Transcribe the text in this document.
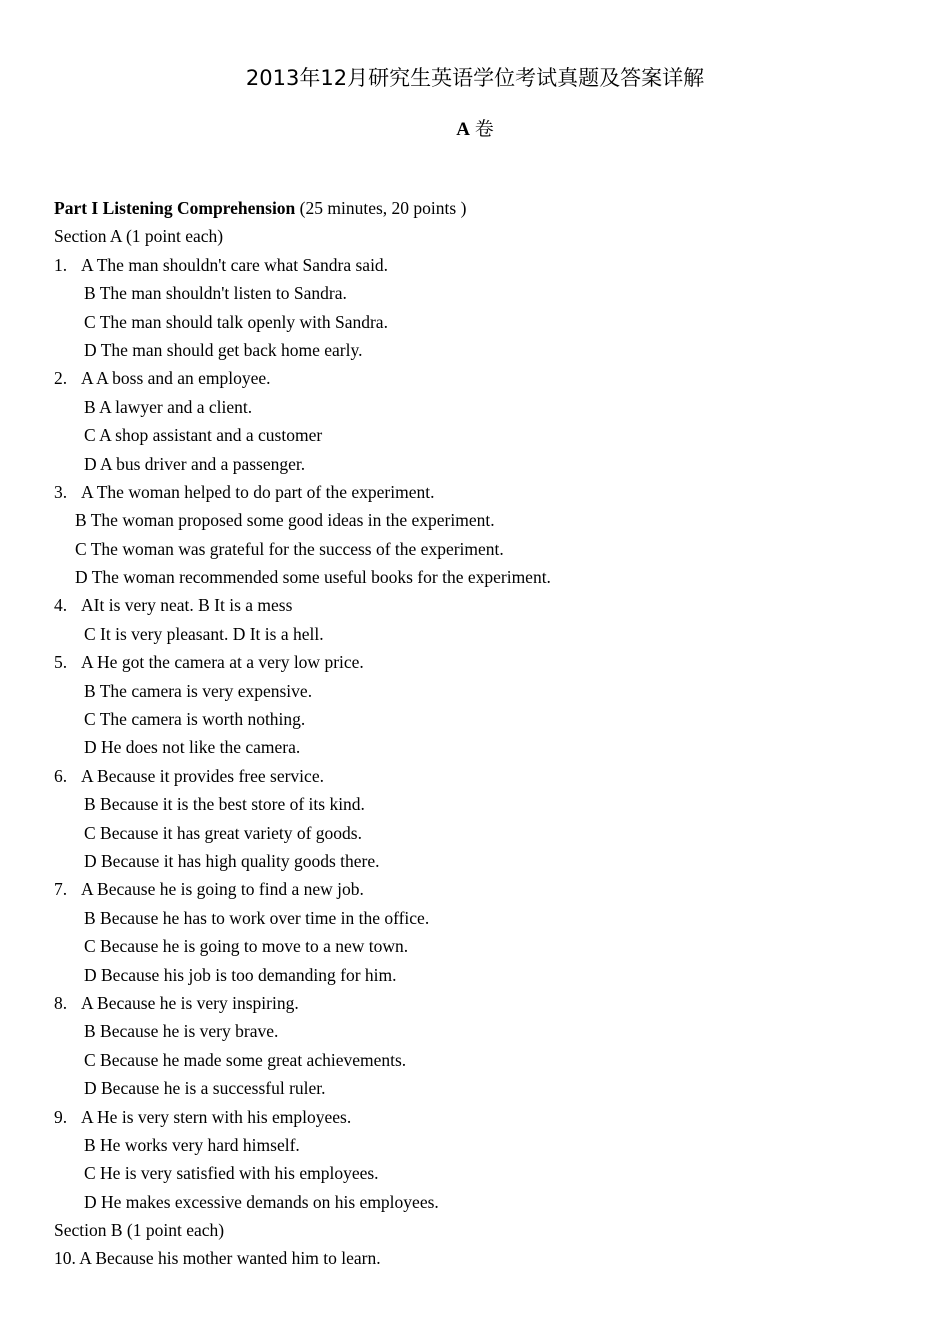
2013年12月研究生英语学位考试真题及答案详解
A 卷
Part I Listening Comprehension (25 minutes, 20 points )
Section A (1 point each)
1. A The man shouldn't care what Sandra said.
B The man shouldn't listen to Sandra.
C The man should talk openly with Sandra.
D The man should get back home early.
2. A A boss and an employee.
B A lawyer and a client.
C A shop assistant and a customer
D A bus driver and a passenger.
3. A The woman helped to do part of the experiment.
B The woman proposed some good ideas in the experiment.
C The woman was grateful for the success of the experiment.
D The woman recommended some useful books for the experiment.
4. AIt is very neat. B It is a mess
C It is very pleasant. D It is a hell.
5. A He got the camera at a very low price.
B The camera is very expensive.
C The camera is worth nothing.
D He does not like the camera.
6. A Because it provides free service.
B Because it is the best store of its kind.
C Because it has great variety of goods.
D Because it has high quality goods there.
7. A Because he is going to find a new job.
B Because he has to work over time in the office.
C Because he is going to move to a new town.
D Because his job is too demanding for him.
8. A Because he is very inspiring.
B Because he is very brave.
C Because he made some great achievements.
D Because he is a successful ruler.
9. A He is very stern with his employees.
B He works very hard himself.
C He is very satisfied with his employees.
D He makes excessive demands on his employees.
Section B (1 point each)
10. A Because his mother wanted him to learn.
